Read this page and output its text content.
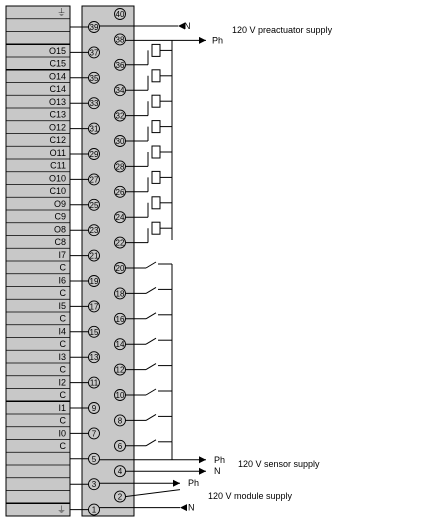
⏚
O15
C15
O14
C14
O13
C13
O12
C12
O11
C11
O10
C10
O9
C9
O8
C8
I7
C
I6
C
I5
C
I4
C
I3
C
I2
C
I1
C
I0
C
⏚
39
37
35
33
31
29
27
25
23
21
19
17
15
13
11
9
7
5
3
1
40
38
36
34
32
30
28
26
24
22
20
18
16
14
12
10
8
6
4
2
N
Ph
120 V preactuator supply
Ph
N
120 V sensor supply
Ph
N
120 V module supply
